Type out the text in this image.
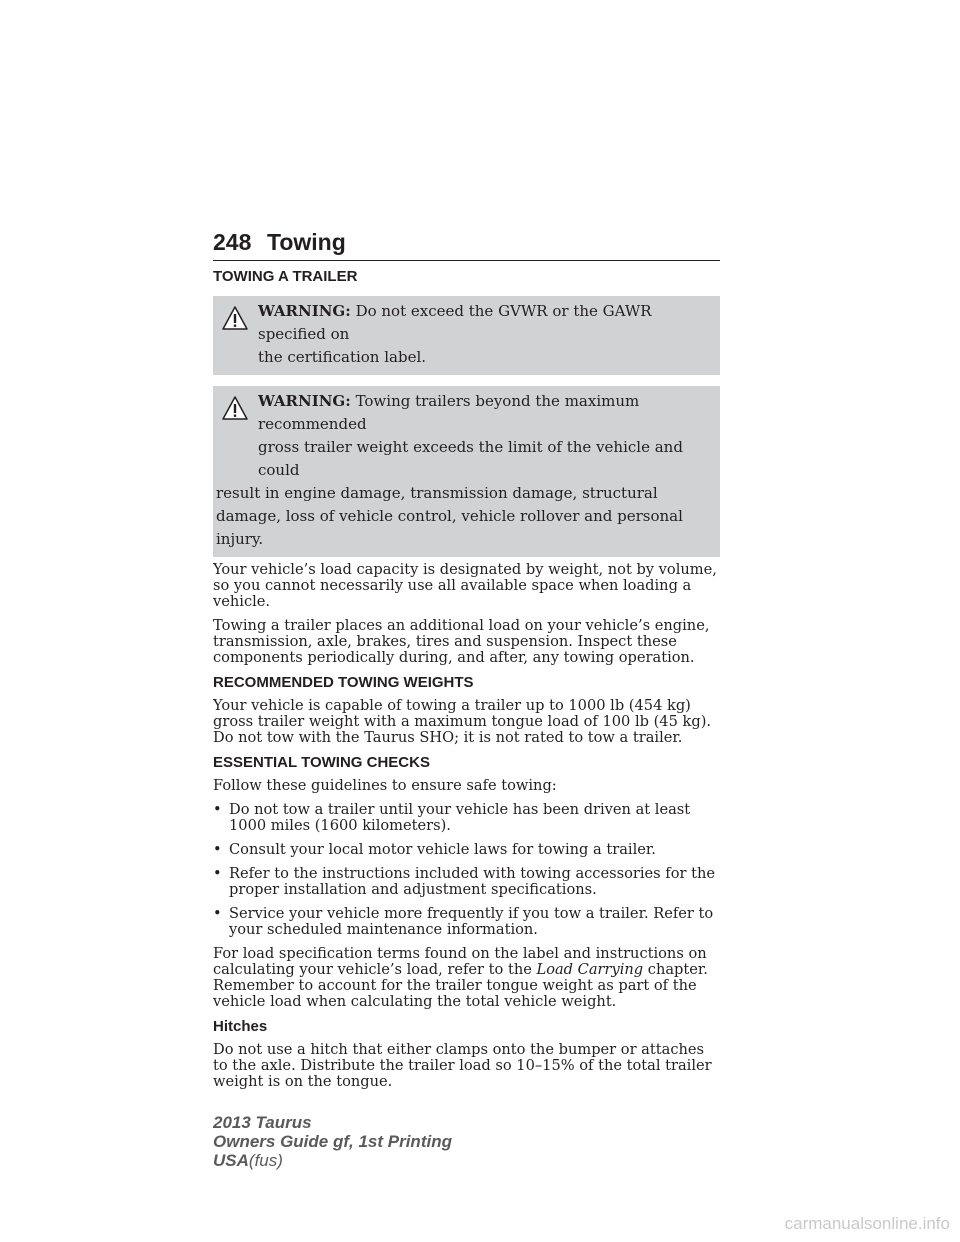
248 Towing
TOWING A TRAILER
WARNING: Do not exceed the GVWR or the GAWR specified on
the certification label.
WARNING: Towing trailers beyond the maximum recommended
gross trailer weight exceeds the limit of the vehicle and could
result in engine damage, transmission damage, structural damage, loss of vehicle control, vehicle rollover and personal injury.

Your vehicle’s load capacity is designated by weight, not by volume, so you cannot necessarily use all available space when loading a vehicle.

Towing a trailer places an additional load on your vehicle’s engine, transmission, axle, brakes, tires and suspension. Inspect these components periodically during, and after, any towing operation.

RECOMMENDED TOWING WEIGHTS

Your vehicle is capable of towing a trailer up to 1000 lb (454 kg) gross trailer weight with a maximum tongue load of 100 lb (45 kg). Do not tow with the Taurus SHO; it is not rated to tow a trailer.

ESSENTIAL TOWING CHECKS

Follow these guidelines to ensure safe towing:

• Do not tow a trailer until your vehicle has been driven at least 1000 miles (1600 kilometers).
• Consult your local motor vehicle laws for towing a trailer.
• Refer to the instructions included with towing accessories for the proper installation and adjustment specifications.
• Service your vehicle more frequently if you tow a trailer. Refer to your scheduled maintenance information.

For load specification terms found on the label and instructions on calculating your vehicle’s load, refer to the Load Carrying chapter. Remember to account for the trailer tongue weight as part of the vehicle load when calculating the total vehicle weight.

Hitches

Do not use a hitch that either clamps onto the bumper or attaches to the axle. Distribute the trailer load so 10–15% of the total trailer weight is on the tongue.

2013 Taurus
Owners Guide gf, 1st Printing
USA(fus)
carmanualsonline.info
